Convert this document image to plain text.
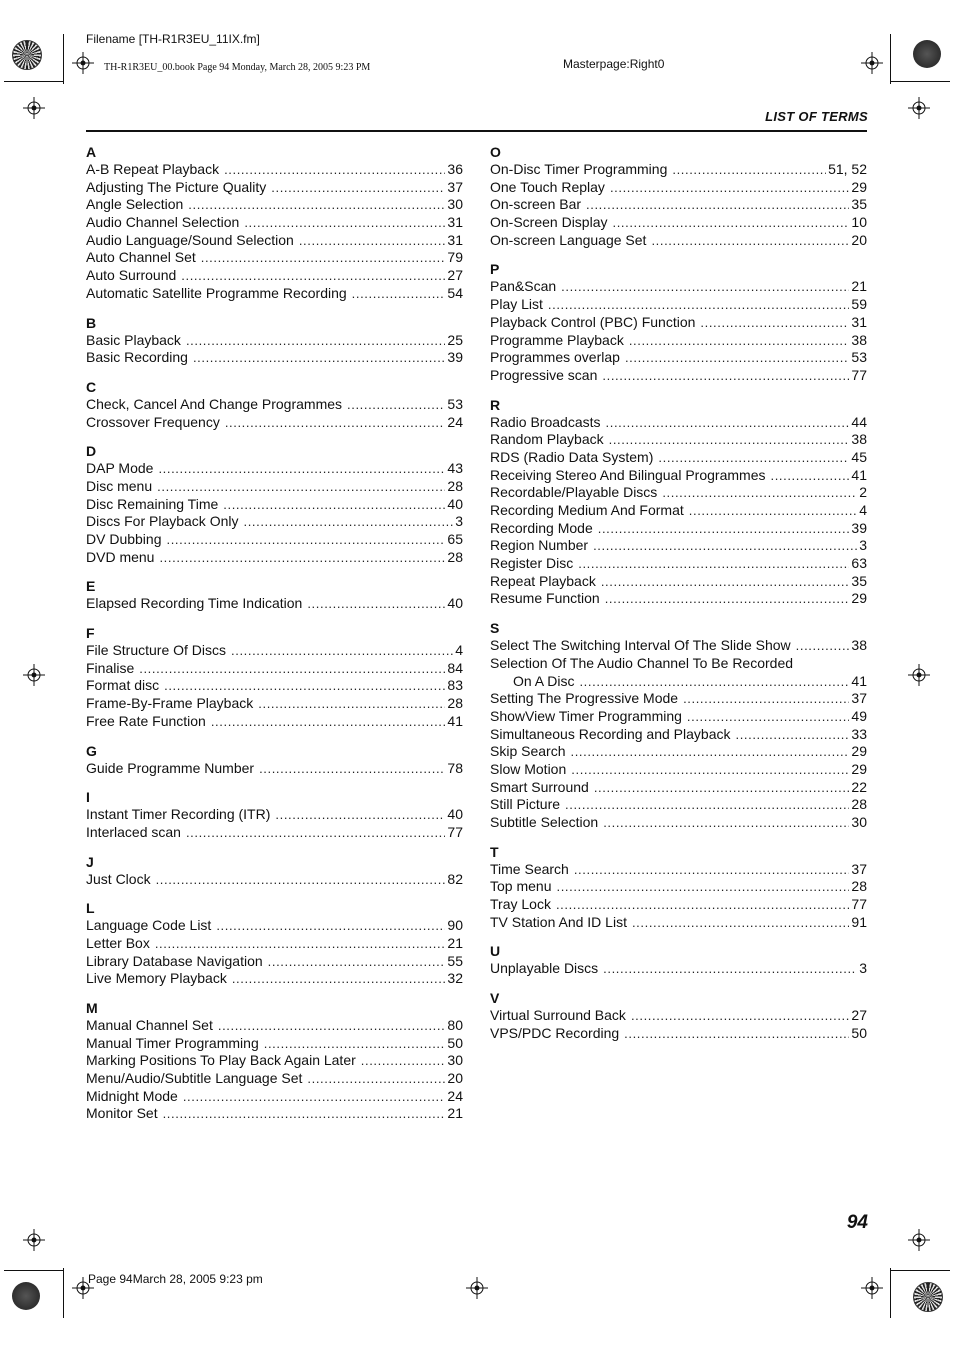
Filename [TH-R1R3EU_11IX.fm]
TH-R1R3EU_00.book Page 94 Monday, March 28, 2005 9:23 PM	Masterpage:Right0
LIST OF TERMS
A
A-B Repeat Playback .....	36
Adjusting The Picture Quality .....	37
Angle Selection .....	30
Audio Channel Selection .....	31
Audio Language/Sound Selection .....	31
Auto Channel Set .....	79
Auto Surround .....	27
Automatic Satellite Programme Recording .....	54
B
Basic Playback .....	25
Basic Recording .....	39
C
Check, Cancel And Change Programmes .....	53
Crossover Frequency .....	24
D
DAP Mode .....	43
Disc menu .....	28
Disc Remaining Time .....	40
Discs For Playback Only .....	3
DV Dubbing .....	65
DVD menu .....	28
E
Elapsed Recording Time Indication .....	40
F
File Structure Of Discs .....	4
Finalise .....	84
Format disc .....	83
Frame-By-Frame Playback .....	28
Free Rate Function .....	41
G
Guide Programme Number .....	78
I
Instant Timer Recording (ITR) .....	40
Interlaced scan .....	77
J
Just Clock .....	82
L
Language Code List .....	90
Letter Box .....	21
Library Database Navigation .....	55
Live Memory Playback .....	32
M
Manual Channel Set .....	80
Manual Timer Programming .....	50
Marking Positions To Play Back Again Later .....	30
Menu/Audio/Subtitle Language Set .....	20
Midnight Mode .....	24
Monitor Set .....	21
O
On-Disc Timer Programming .....	51, 52
One Touch Replay .....	29
On-screen Bar .....	35
On-Screen Display .....	10
On-screen Language Set .....	20
P
Pan&Scan .....	21
Play List .....	59
Playback Control (PBC) Function .....	31
Programme Playback .....	38
Programmes overlap .....	53
Progressive scan .....	77
R
Radio Broadcasts .....	44
Random Playback .....	38
RDS (Radio Data System) .....	45
Receiving Stereo And Bilingual Programmes .....	41
Recordable/Playable Discs .....	2
Recording Medium And Format .....	4
Recording Mode .....	39
Region Number .....	3
Register Disc .....	63
Repeat Playback .....	35
Resume Function .....	29
S
Select The Switching Interval Of The Slide Show .....	38
Selection Of The Audio Channel To Be Recorded
On A Disc .....	41
Setting The Progressive Mode .....	37
ShowView Timer Programming .....	49
Simultaneous Recording and Playback .....	33
Skip Search .....	29
Slow Motion .....	29
Smart Surround .....	22
Still Picture .....	28
Subtitle Selection .....	30
T
Time Search .....	37
Top menu .....	28
Tray Lock .....	77
TV Station And ID List .....	91
U
Unplayable Discs .....	3
V
Virtual Surround Back .....	27
VPS/PDC Recording .....	50
94
Page 94March 28, 2005 9:23 pm
